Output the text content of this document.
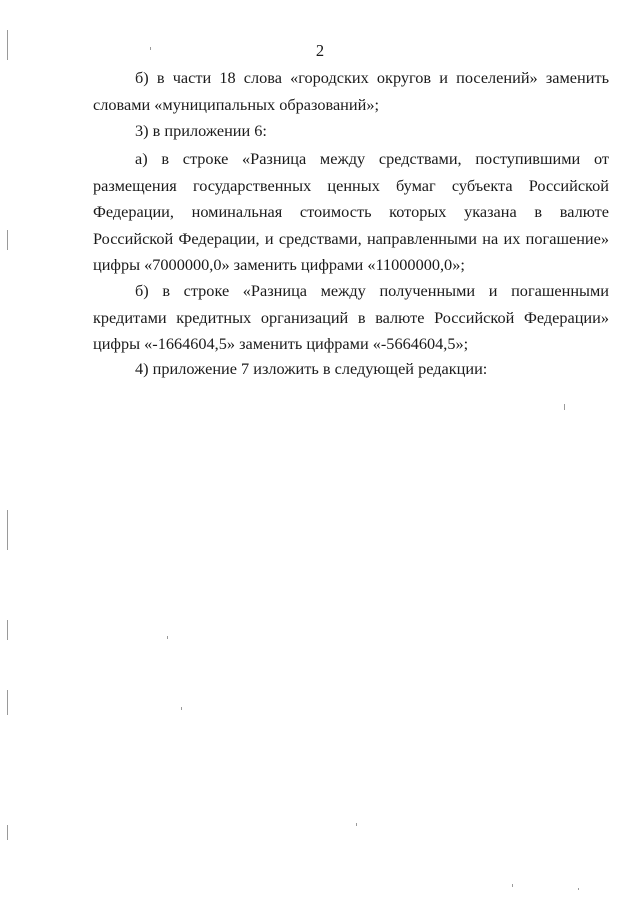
2

б) в части 18 слова «городских округов и поселений» заменить словами «муниципальных образований»;

3) в приложении 6:

а) в строке «Разница между средствами, поступившими от размещения государственных ценных бумаг субъекта Российской Федерации, номинальная стоимость которых указана в валюте Российской Федерации, и средствами, направленными на их погашение» цифры «7000000,0» заменить цифрами «11000000,0»;

б) в строке «Разница между полученными и погашенными кредитами кредитных организаций в валюте Российской Федерации» цифры «-1664604,5» заменить цифрами «-5664604,5»;

4) приложение 7 изложить в следующей редакции:
